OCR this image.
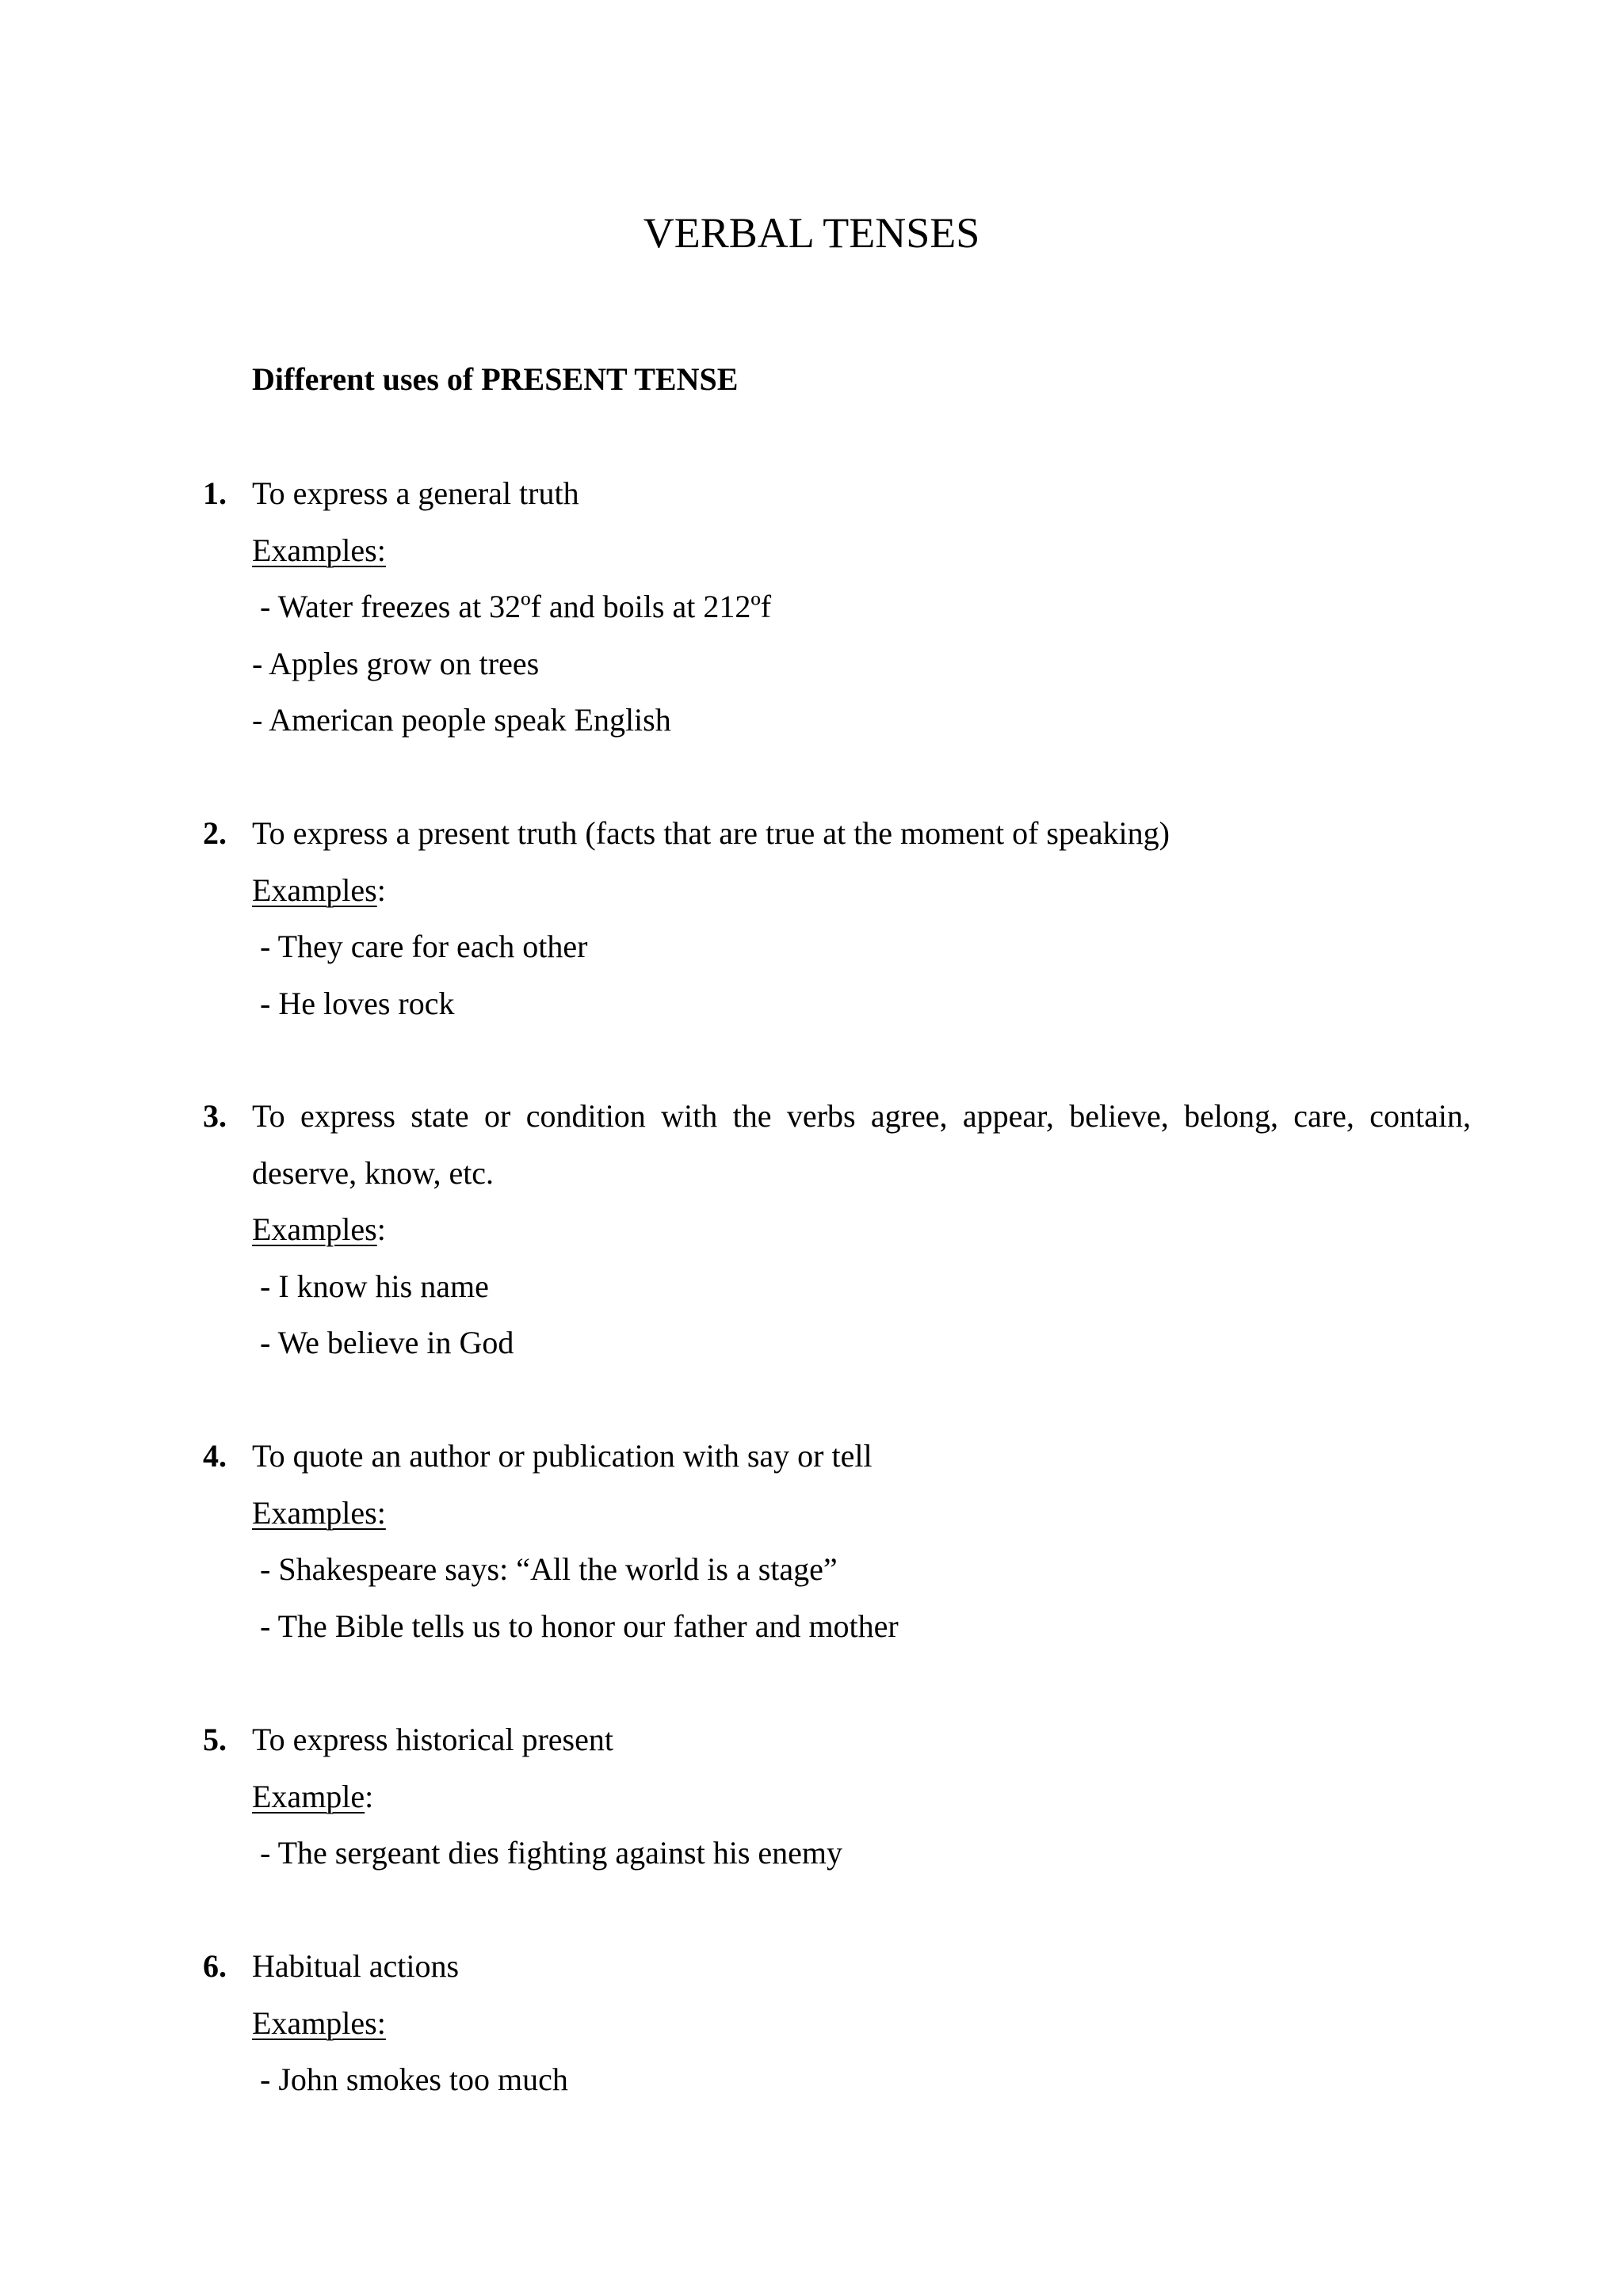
VERBAL TENSES
Different uses of PRESENT TENSE
1. To express a general truth
Examples:
- Water freezes at 32ºf and boils at 212ºf
- Apples grow on trees
- American people speak English
2. To express a present truth (facts that are true at the moment of speaking)
Examples:
- They care for each other
- He loves rock
3. To express state or condition with the verbs agree, appear, believe, belong, care, contain,
deserve, know, etc.
Examples:
- I know his name
- We believe in God
4. To quote an author or publication with say or tell
Examples:
- Shakespeare says: “All the world is a stage”
- The Bible tells us to honor our father and mother
5. To express historical present
Example:
- The sergeant dies fighting against his enemy
6. Habitual actions
Examples:
- John smokes too much
